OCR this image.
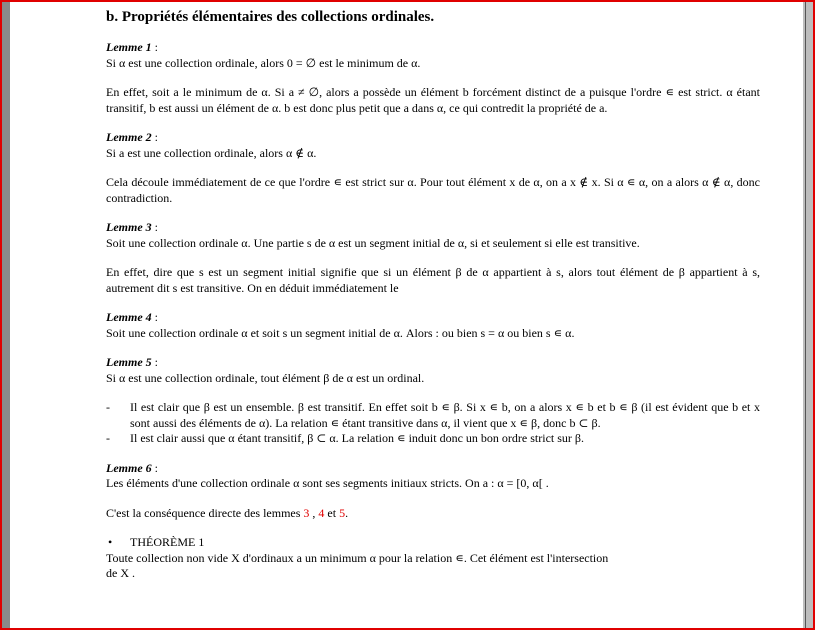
b. Propriétés élémentaires des collections ordinales.

Lemme 1 :

Si α est une collection ordinale, alors 0 = ∅ est le minimum de α.

En effet, soit a le minimum de α. Si a ≠ ∅, alors a possède un élément b forcément distinct de a puisque l'ordre ∊ est strict. α étant transitif, b est aussi un élément de α. b est donc plus petit que a dans α, ce qui contredit la propriété de a.

Lemme 2 :

Si a est une collection ordinale, alors α ∉ α.

Cela découle immédiatement de ce que l'ordre ∊ est strict sur α. Pour tout élément x de α, on a x ∉ x. Si α ∊ α, on a alors α ∉ α, donc contradiction.

Lemme 3 :

Soit une collection ordinale α. Une partie s de α est un segment initial de α, si et seulement si elle est transitive.

En effet, dire que s est un segment initial signifie que si un élément β de α appartient à s, alors tout élément de β appartient à s, autrement dit s est transitive. On en déduit immédiatement le

Lemme 4 :

Soit une collection ordinale α et soit s un segment initial de α. Alors : ou bien s = α ou bien s ∊ α.

Lemme 5 :

Si α est une collection ordinale, tout élément β de α est un ordinal.

- Il est clair que β est un ensemble. β est transitif. En effet soit b ∊ β. Si x ∊ b, on a alors x ∊ b et b ∊ β (il est évident que b et x sont aussi des éléments de α). La relation ∊ étant transitive dans α, il vient que x ∊ β, donc b ⊂ β.
- Il est clair aussi que α étant transitif, β ⊂ α. La relation ∊ induit donc un bon ordre strict sur β.

Lemme 6 :

Les éléments d'une collection ordinale α sont ses segments initiaux stricts. On a : α = [0, α[ .

C'est la conséquence directe des lemmes 3 , 4 et 5.

• THÉORÈME 1

Toute collection non vide X d'ordinaux a un minimum α pour la relation ∊. Cet élément est l'intersection

de X .
